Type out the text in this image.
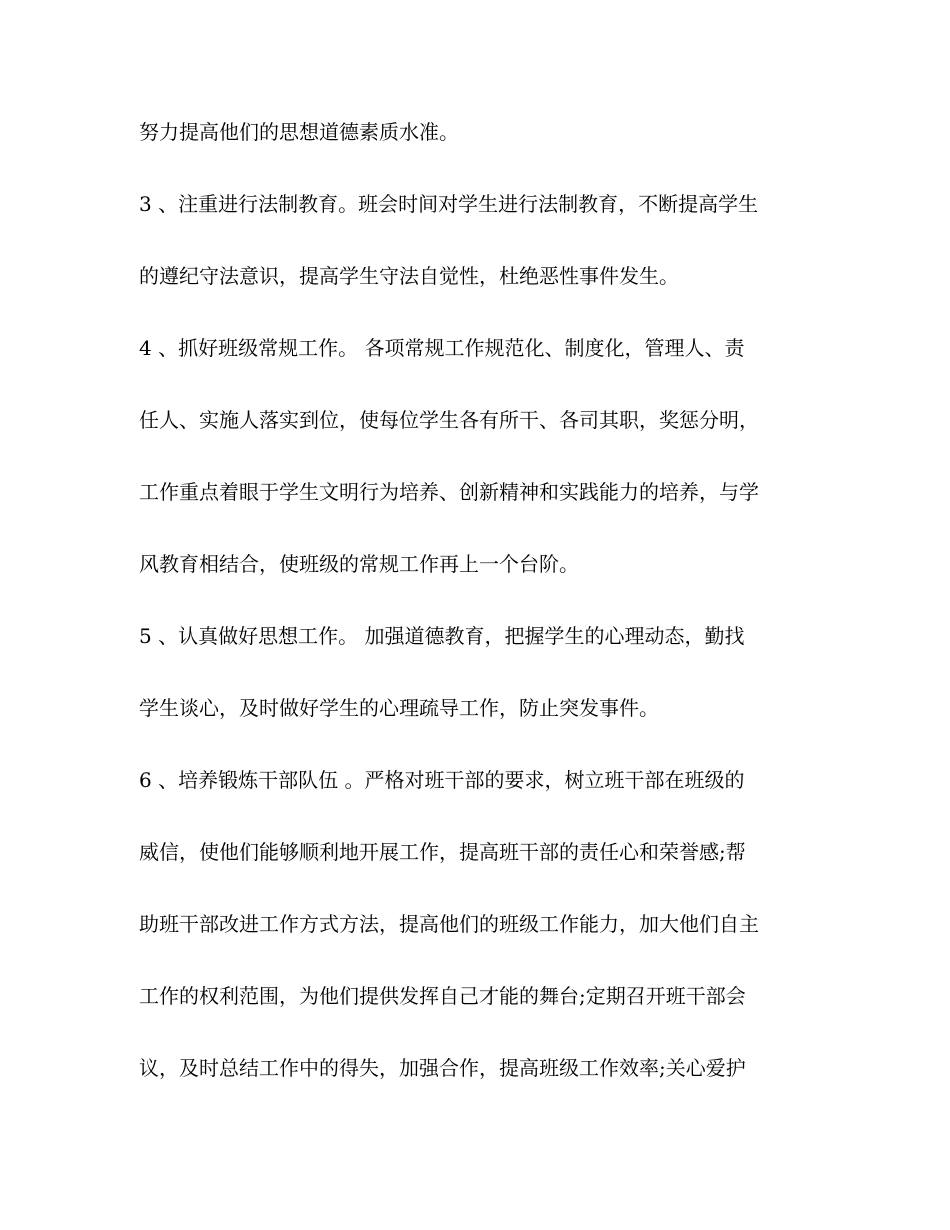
努力提高他们的思想道德素质水准。

3 、注重进行法制教育。班会时间对学生进行法制教育，不断提高学生

的遵纪守法意识，提高学生守法自觉性，杜绝恶性事件发生。

4 、抓好班级常规工作。 各项常规工作规范化、制度化，管理人、责

任人、实施人落实到位，使每位学生各有所干、各司其职，奖惩分明，

工作重点着眼于学生文明行为培养、创新精神和实践能力的培养，与学

风教育相结合，使班级的常规工作再上一个台阶。

5 、认真做好思想工作。 加强道德教育，把握学生的心理动态，勤找

学生谈心，及时做好学生的心理疏导工作，防止突发事件。

6 、培养锻炼干部队伍 。严格对班干部的要求，树立班干部在班级的

威信，使他们能够顺利地开展工作，提高班干部的责任心和荣誉感;帮

助班干部改进工作方式方法，提高他们的班级工作能力，加大他们自主

工作的权利范围，为他们提供发挥自己才能的舞台;定期召开班干部会

议，及时总结工作中的得失，加强合作，提高班级工作效率;关心爱护
